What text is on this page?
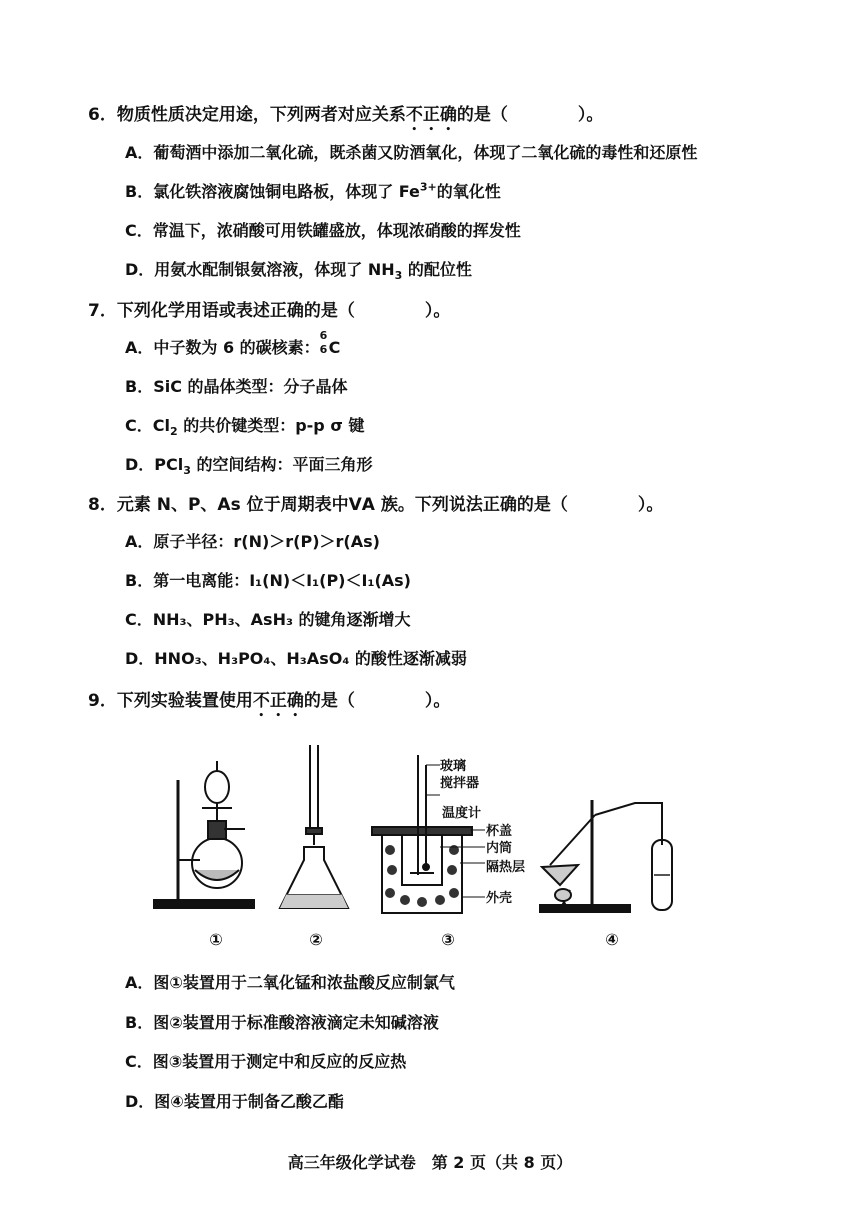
6．物质性质决定用途，下列两者对应关系不正确的是（	）。
A．葡萄酒中添加二氧化硫，既杀菌又防酒氧化，体现了二氧化硫的毒性和还原性
B．氯化铁溶液腐蚀铜电路板，体现了 $Fe^{3+}$的氧化性
C．常温下，浓硝酸可用铁罐盛放，体现浓硝酸的挥发性
D．用氨水配制银氨溶液，体现了 $NH_3$ 的配位性
7．下列化学用语或表述正确的是（	）。
A．中子数为 6 的碳核素：
6
6 C
B．SiC 的晶体类型：分子晶体
C．$Cl_2$ 的共价键类型：p-p σ 键
D．PCl$_3$ 的空间结构：平面三角形
8．元素 N、P、As 位于周期表中ⅤA 族。下列说法正确的是（	）。
A．原子半径：r(N)＞r(P)＞r(As)
B．第一电离能：I₁(N)＜I₁(P)＜I₁(As)
C．NH₃、PH₃、AsH₃ 的键角逐渐增大
D．HNO₃、H₃PO₄、H₃AsO₄ 的酸性逐渐减弱
9．下列实验装置使用不正确的是（	）。
玻璃
搅拌器
温度计
杯盖
内筒
隔热层
外壳
①	②	③	④
A．图①装置用于二氧化锰和浓盐酸反应制氯气
B．图②装置用于标准酸溶液滴定未知碱溶液
C．图③装置用于测定中和反应的反应热
D．图④装置用于制备乙酸乙酯
高三年级化学试卷　第 2 页（共 8 页）
